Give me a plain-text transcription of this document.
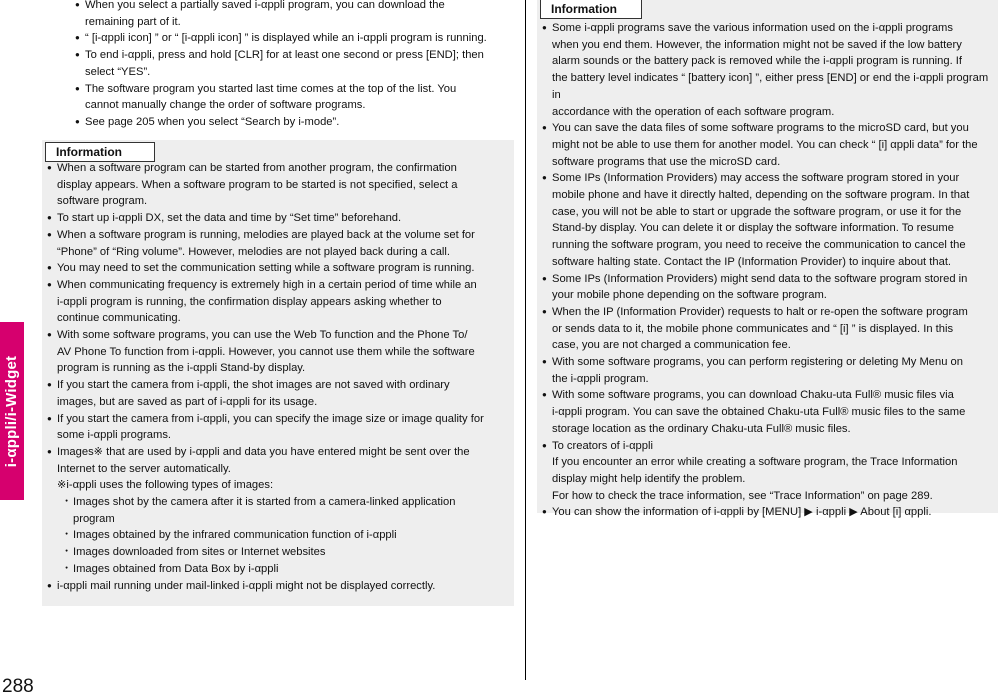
i-αppli/i-Widget
288
● When you select a partially saved i-αppli program, you can download the
remaining part of it.
● “ [i-αppli icon] ” or “ [i-αppli icon] ” is displayed while an i-αppli program is running.
● To end i-αppli, press and hold [CLR] for at least one second or press [END]; then
select “YES”.
● The software program you started last time comes at the top of the list. You
cannot manually change the order of software programs.
● See page 205 when you select “Search by i-mode”.
Information
● When a software program can be started from another program, the confirmation
display appears. When a software program to be started is not specified, select a
software program.
● To start up i-αppli DX, set the data and time by “Set time” beforehand.
● When a software program is running, melodies are played back at the volume set for
“Phone” of “Ring volume”. However, melodies are not played back during a call.
● You may need to set the communication setting while a software program is running.
● When communicating frequency is extremely high in a certain period of time while an
i-αppli program is running, the confirmation display appears asking whether to
continue communicating.
● With some software programs, you can use the Web To function and the Phone To/
AV Phone To function from i-αppli. However, you cannot use them while the software
program is running as the i-αppli Stand-by display.
● If you start the camera from i-αppli, the shot images are not saved with ordinary
images, but are saved as part of i-αppli for its usage.
● If you start the camera from i-αppli, you can specify the image size or image quality for
some i-αppli programs.
● Images※ that are used by i-αppli and data you have entered might be sent over the
Internet to the server automatically.
※i-αppli uses the following types of images:
・ Images shot by the camera after it is started from a camera-linked application
program
・ Images obtained by the infrared communication function of i-αppli
・ Images downloaded from sites or Internet websites
・ Images obtained from Data Box by i-αppli
● i-αppli mail running under mail-linked i-αppli might not be displayed correctly.
Information
● Some i-αppli programs save the various information used on the i-αppli programs
when you end them. However, the information might not be saved if the low battery
alarm sounds or the battery pack is removed while the i-αppli program is running. If
the battery level indicates “ [battery icon] ”, either press [END] or end the i-αppli program in
accordance with the operation of each software program.
● You can save the data files of some software programs to the microSD card, but you
might not be able to use them for another model. You can check “ [i] αppli data” for the
software programs that use the microSD card.
● Some IPs (Information Providers) may access the software program stored in your
mobile phone and have it directly halted, depending on the software program. In that
case, you will not be able to start or upgrade the software program, or use it for the
Stand-by display. You can delete it or display the software information. To resume
running the software program, you need to receive the communication to cancel the
software halting state. Contact the IP (Information Provider) to inquire about that.
● Some IPs (Information Providers) might send data to the software program stored in
your mobile phone depending on the software program.
● When the IP (Information Provider) requests to halt or re-open the software program
or sends data to it, the mobile phone communicates and “ [i] ” is displayed. In this
case, you are not charged a communication fee.
● With some software programs, you can perform registering or deleting My Menu on
the i-αppli program.
● With some software programs, you can download Chaku-uta Full® music files via
i-αppli program. You can save the obtained Chaku-uta Full® music files to the same
storage location as the ordinary Chaku-uta Full® music files.
● To creators of i-αppli
If you encounter an error while creating a software program, the Trace Information
display might help identify the problem.
For how to check the trace information, see “Trace Information” on page 289.
● You can show the information of i-αppli by [MENU] ▶ i-αppli ▶ About [i] αppli.
